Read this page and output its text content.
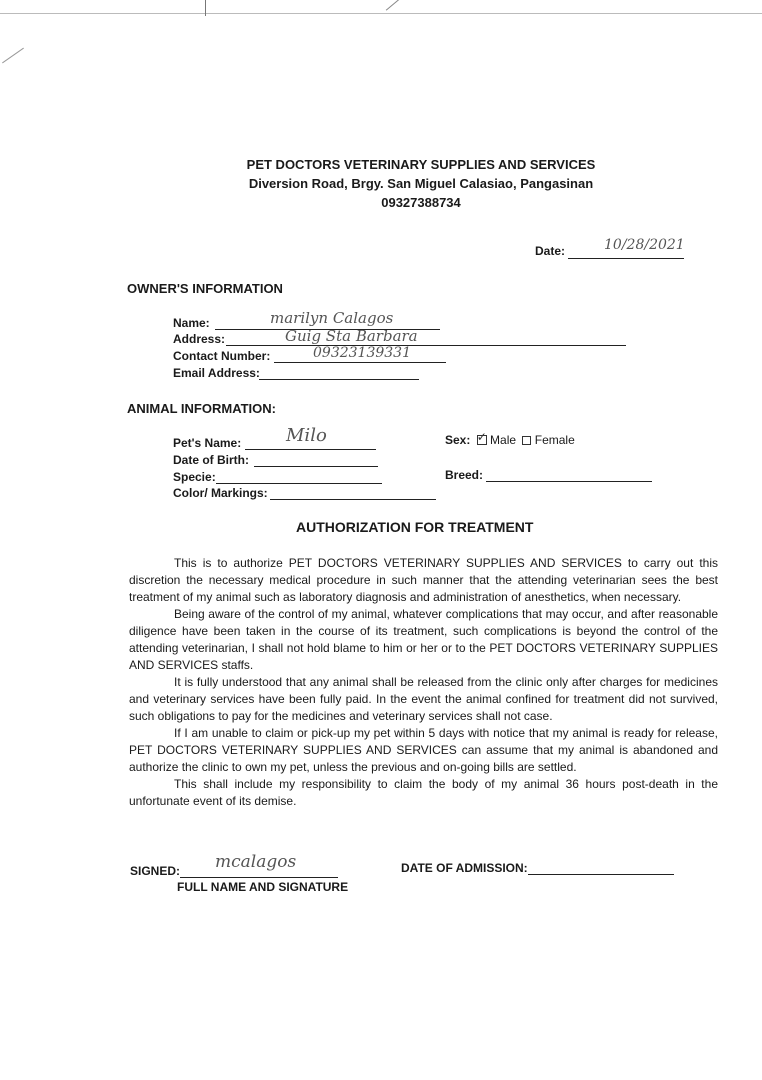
PET DOCTORS VETERINARY SUPPLIES AND SERVICES
Diversion Road, Brgy. San Miguel Calasiao, Pangasinan
09327388734
Date:	10/28/2021
OWNER'S INFORMATION
Name:	marilyn Calagos
Address:	Guig Sta Barbara
Contact Number:	09323139331
Email Address:
ANIMAL INFORMATION:
Pet's Name: Milo
Date of Birth:
Specie:
Color/ Markings:
Sex: ✓ Male Female
Breed:
AUTHORIZATION FOR TREATMENT

This is to authorize PET DOCTORS VETERINARY SUPPLIES AND SERVICES to carry out this discretion the necessary medical procedure in such manner that the attending veterinarian sees the best treatment of my animal such as laboratory diagnosis and administration of anesthetics, when necessary.

Being aware of the control of my animal, whatever complications that may occur, and after reasonable diligence have been taken in the course of its treatment, such complications is beyond the control of the attending veterinarian, I shall not hold blame to him or her or to the PET DOCTORS VETERINARY SUPPLIES AND SERVICES staffs.

It is fully understood that any animal shall be released from the clinic only after charges for medicines and veterinary services have been fully paid. In the event the animal confined for treatment did not survived, such obligations to pay for the medicines and veterinary services shall not case.

If I am unable to claim or pick-up my pet within 5 days with notice that my animal is ready for release, PET DOCTORS VETERINARY SUPPLIES AND SERVICES can assume that my animal is abandoned and authorize the clinic to own my pet, unless the previous and on-going bills are settled.

This shall include my responsibility to claim the body of my animal 36 hours post-death in the unfortunate event of its demise.

SIGNED: mcalagos
FULL NAME AND SIGNATURE
DATE OF ADMISSION:
